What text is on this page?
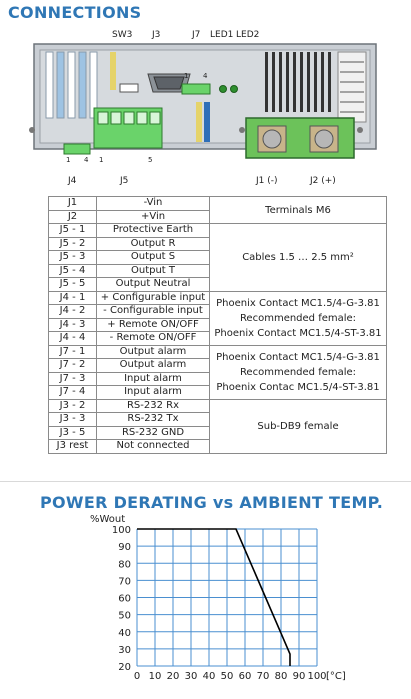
CONNECTIONS
SW3 J3	J7 LED1 LED2
1 4
1 4 1	5
J4	J5	J1 (-)	J2 (+)
J1	-Vin	Terminals M6
J2	+Vin	
J5 - 1	Protective Earth	Cables 1.5 … 2.5 mm²
J5 - 2	Output R	
J5 - 3	Output S	
J5 - 4	Output T	
J5 - 5	Output Neutral	
J4 - 1	+ Configurable input	Phoenix Contact MC1.5/4-G-3.81
Recommended female:
Phoenix Contact MC1.5/4-ST-3.81

J4 - 2	- Configurable input	
J4 - 3	+ Remote ON/OFF	
J4 - 4	- Remote ON/OFF	
J7 - 1	Output alarm	Phoenix Contact MC1.5/4-G-3.81
Recommended female:
Phoenix Contac MC1.5/4-ST-3.81

J7 - 2	Output alarm	
J7 - 3	Input alarm	
J7 - 4	Input alarm	
J3 - 2	RS-232 Rx	Sub-DB9 female
J3 - 3	RS-232 Tx	
J3 - 5	RS-232 GND	
J3 rest	Not connected	
POWER DERATING vs AMBIENT TEMP.
%Wout
0 10 20 30 40 50 60 70 80 90 100
20
30
40
50
60
70
80
90
100
[°C]
